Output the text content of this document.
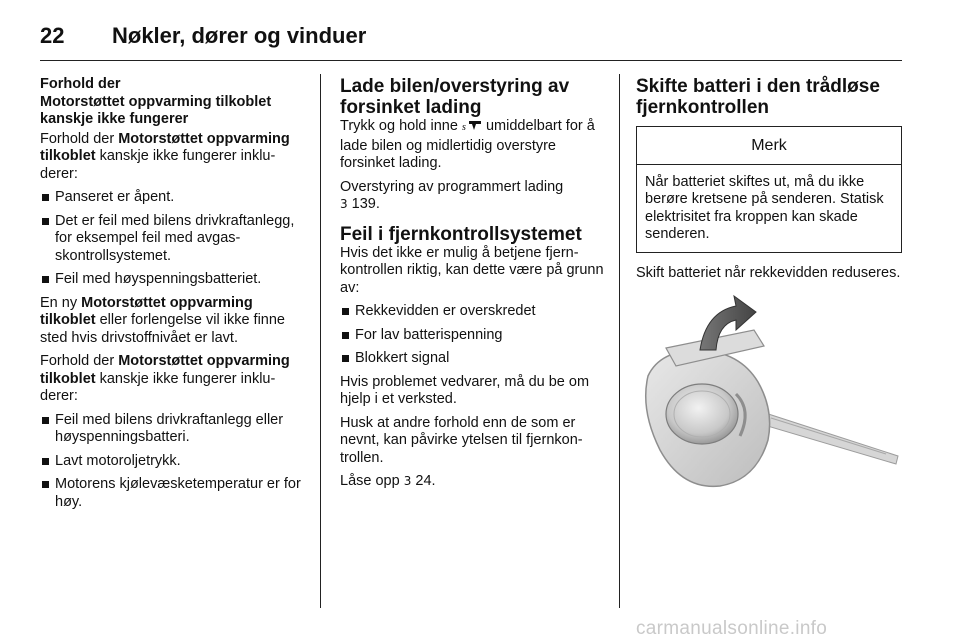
22	Nøkler, dører og vinduer

Forhold der
Motorstøttet oppvarming tilkoblet
kanskje ikke fungerer

Forhold der Motorstøttet oppvarming tilkoblet kanskje ikke fungerer inkluderer:

Panseret er åpent.
Det er feil med bilens drivkraftanlegg, for eksempel feil med avgasskontrollsystemet.
Feil med høyspenningsbatteriet.

En ny Motorstøttet oppvarming tilkoblet eller forlengelse vil ikke finne sted hvis drivstoffnivået er lavt.

Forhold der Motorstøttet oppvarming tilkoblet kanskje ikke fungerer inkluderer:

Feil med bilens drivkraftanlegg eller høyspenningsbatteri.
Lavt motoroljetrykk.
Motorens kjølevæsketemperatur er for høy.

Lade bilen/overstyring av forsinket lading

Trykk og hold inne s umiddelbart for å lade bilen og midlertidig overstyre forsinket lading.

Overstyring av programmert lading
3 139.

Feil i fjernkontrollsystemet

Hvis det ikke er mulig å betjene fjernkontrollen riktig, kan dette være på grunn av:

Rekkevidden er overskredet
For lav batterispenning
Blokkert signal

Hvis problemet vedvarer, må du be om hjelp i et verksted.

Husk at andre forhold enn de som er nevnt, kan påvirke ytelsen til fjernkontrollen.

Låse opp 3 24.

Skifte batteri i den trådløse fjernkontrollen

Merk
Når batteriet skiftes ut, må du ikke berøre kretsene på senderen. Statisk elektrisitet fra kroppen kan skade senderen.

Skift batteriet når rekkevidden reduseres.

carmanualsonline.info
